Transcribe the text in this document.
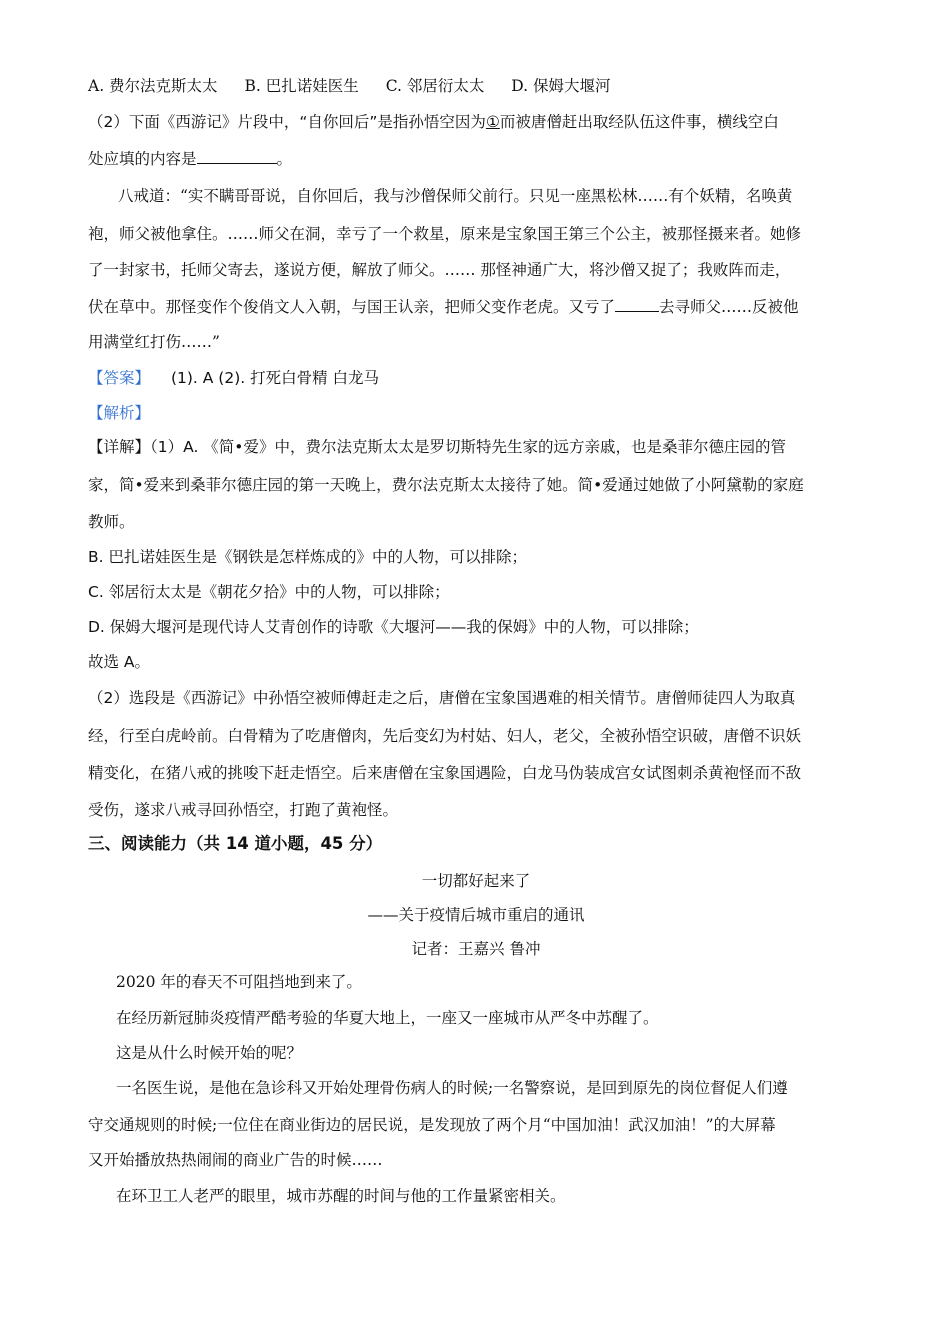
A. 费尔法克斯太太 B. 巴扎诺娃医生 C. 邻居衍太太 D. 保姆大堰河
（2）下面《西游记》片段中，“自你回后”是指孙悟空因为①而被唐僧赶出取经队伍这件事，横线空白
处应填的内容是	。
八戒道：“实不瞒哥哥说，自你回后，我与沙僧保师父前行。只见一座黑松林……有个妖精，名唤黄
袍，师父被他拿住。……师父在洞，幸亏了一个救星，原来是宝象国王第三个公主，被那怪摄来者。她修
了一封家书，托师父寄去，遂说方便，解放了师父。…… 那怪神通广大，将沙僧又捉了；我败阵而走，
伏在草中。那怪变作个俊俏文人入朝，与国王认亲，把师父变作老虎。又亏了	去寻师父……反被他
用满堂红打伤……”
【答案】 (1). A (2). 打死白骨精 白龙马
【解析】
【详解】（1）A. 《简•爱》中，费尔法克斯太太是罗切斯特先生家的远方亲戚，也是桑菲尔德庄园的管
家，简•爱来到桑菲尔德庄园的第一天晚上，费尔法克斯太太接待了她。简•爱通过她做了小阿黛勒的家庭
教师。
B. 巴扎诺娃医生是《钢铁是怎样炼成的》中的人物，可以排除；
C. 邻居衍太太是《朝花夕拾》中的人物，可以排除；
D. 保姆大堰河是现代诗人艾青创作的诗歌《大堰河——我的保姆》中的人物，可以排除；
故选 A。
（2）选段是《西游记》中孙悟空被师傅赶走之后，唐僧在宝象国遇难的相关情节。唐僧师徒四人为取真
经，行至白虎岭前。白骨精为了吃唐僧肉，先后变幻为村姑、妇人，老父，全被孙悟空识破，唐僧不识妖
精变化，在猪八戒的挑唆下赶走悟空。后来唐僧在宝象国遇险，白龙马伪装成宫女试图刺杀黄袍怪而不敌
受伤，遂求八戒寻回孙悟空，打跑了黄袍怪。
三、阅读能力（共 14 道小题，45 分）
一切都好起来了
——关于疫情后城市重启的通讯
记者：王嘉兴 鲁冲
2020 年的春天不可阻挡地到来了。
在经历新冠肺炎疫情严酷考验的华夏大地上，一座又一座城市从严冬中苏醒了。
这是从什么时候开始的呢？
一名医生说，是他在急诊科又开始处理骨伤病人的时候;一名警察说，是回到原先的岗位督促人们遵
守交通规则的时候;一位住在商业街边的居民说，是发现放了两个月“中国加油！武汉加油！”的大屏幕
又开始播放热热闹闹的商业广告的时候……
在环卫工人老严的眼里，城市苏醒的时间与他的工作量紧密相关。
